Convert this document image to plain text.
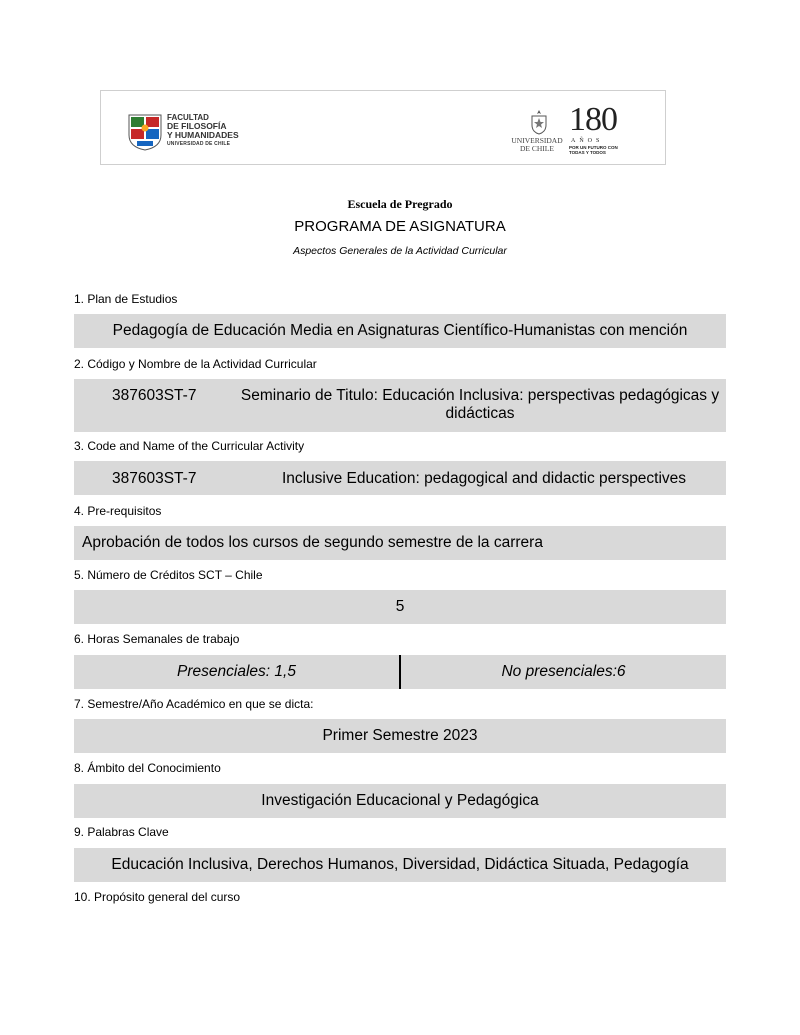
FACULTAD
DE FILOSOFÍA
Y HUMANIDADES
UNIVERSIDAD DE CHILE	UNIVERSIDAD
DE CHILE
180
AÑOS
POR UN FUTURO CON
TODAS Y TODOS
Escuela de Pregrado
PROGRAMA DE ASIGNATURA
Aspectos Generales de la Actividad Curricular
1. Plan de Estudios
Pedagogía de Educación Media en Asignaturas Científico-Humanistas con mención
2. Código y Nombre de la Actividad Curricular
387603ST-7	Seminario de Titulo: Educación Inclusiva: perspectivas pedagógicas y didácticas
3. Code and Name of the Curricular Activity
387603ST-7	Inclusive Education: pedagogical and didactic perspectives
4. Pre-requisitos
Aprobación de todos los cursos de segundo semestre de la carrera
5. Número de Créditos SCT – Chile
5
6. Horas Semanales de trabajo
Presenciales: 1,5	No presenciales:6
7. Semestre/Año Académico en que se dicta:
Primer Semestre 2023
8. Ámbito del Conocimiento
Investigación Educacional y Pedagógica
9. Palabras Clave
Educación Inclusiva, Derechos Humanos, Diversidad, Didáctica Situada, Pedagogía
10. Propósito general del curso
